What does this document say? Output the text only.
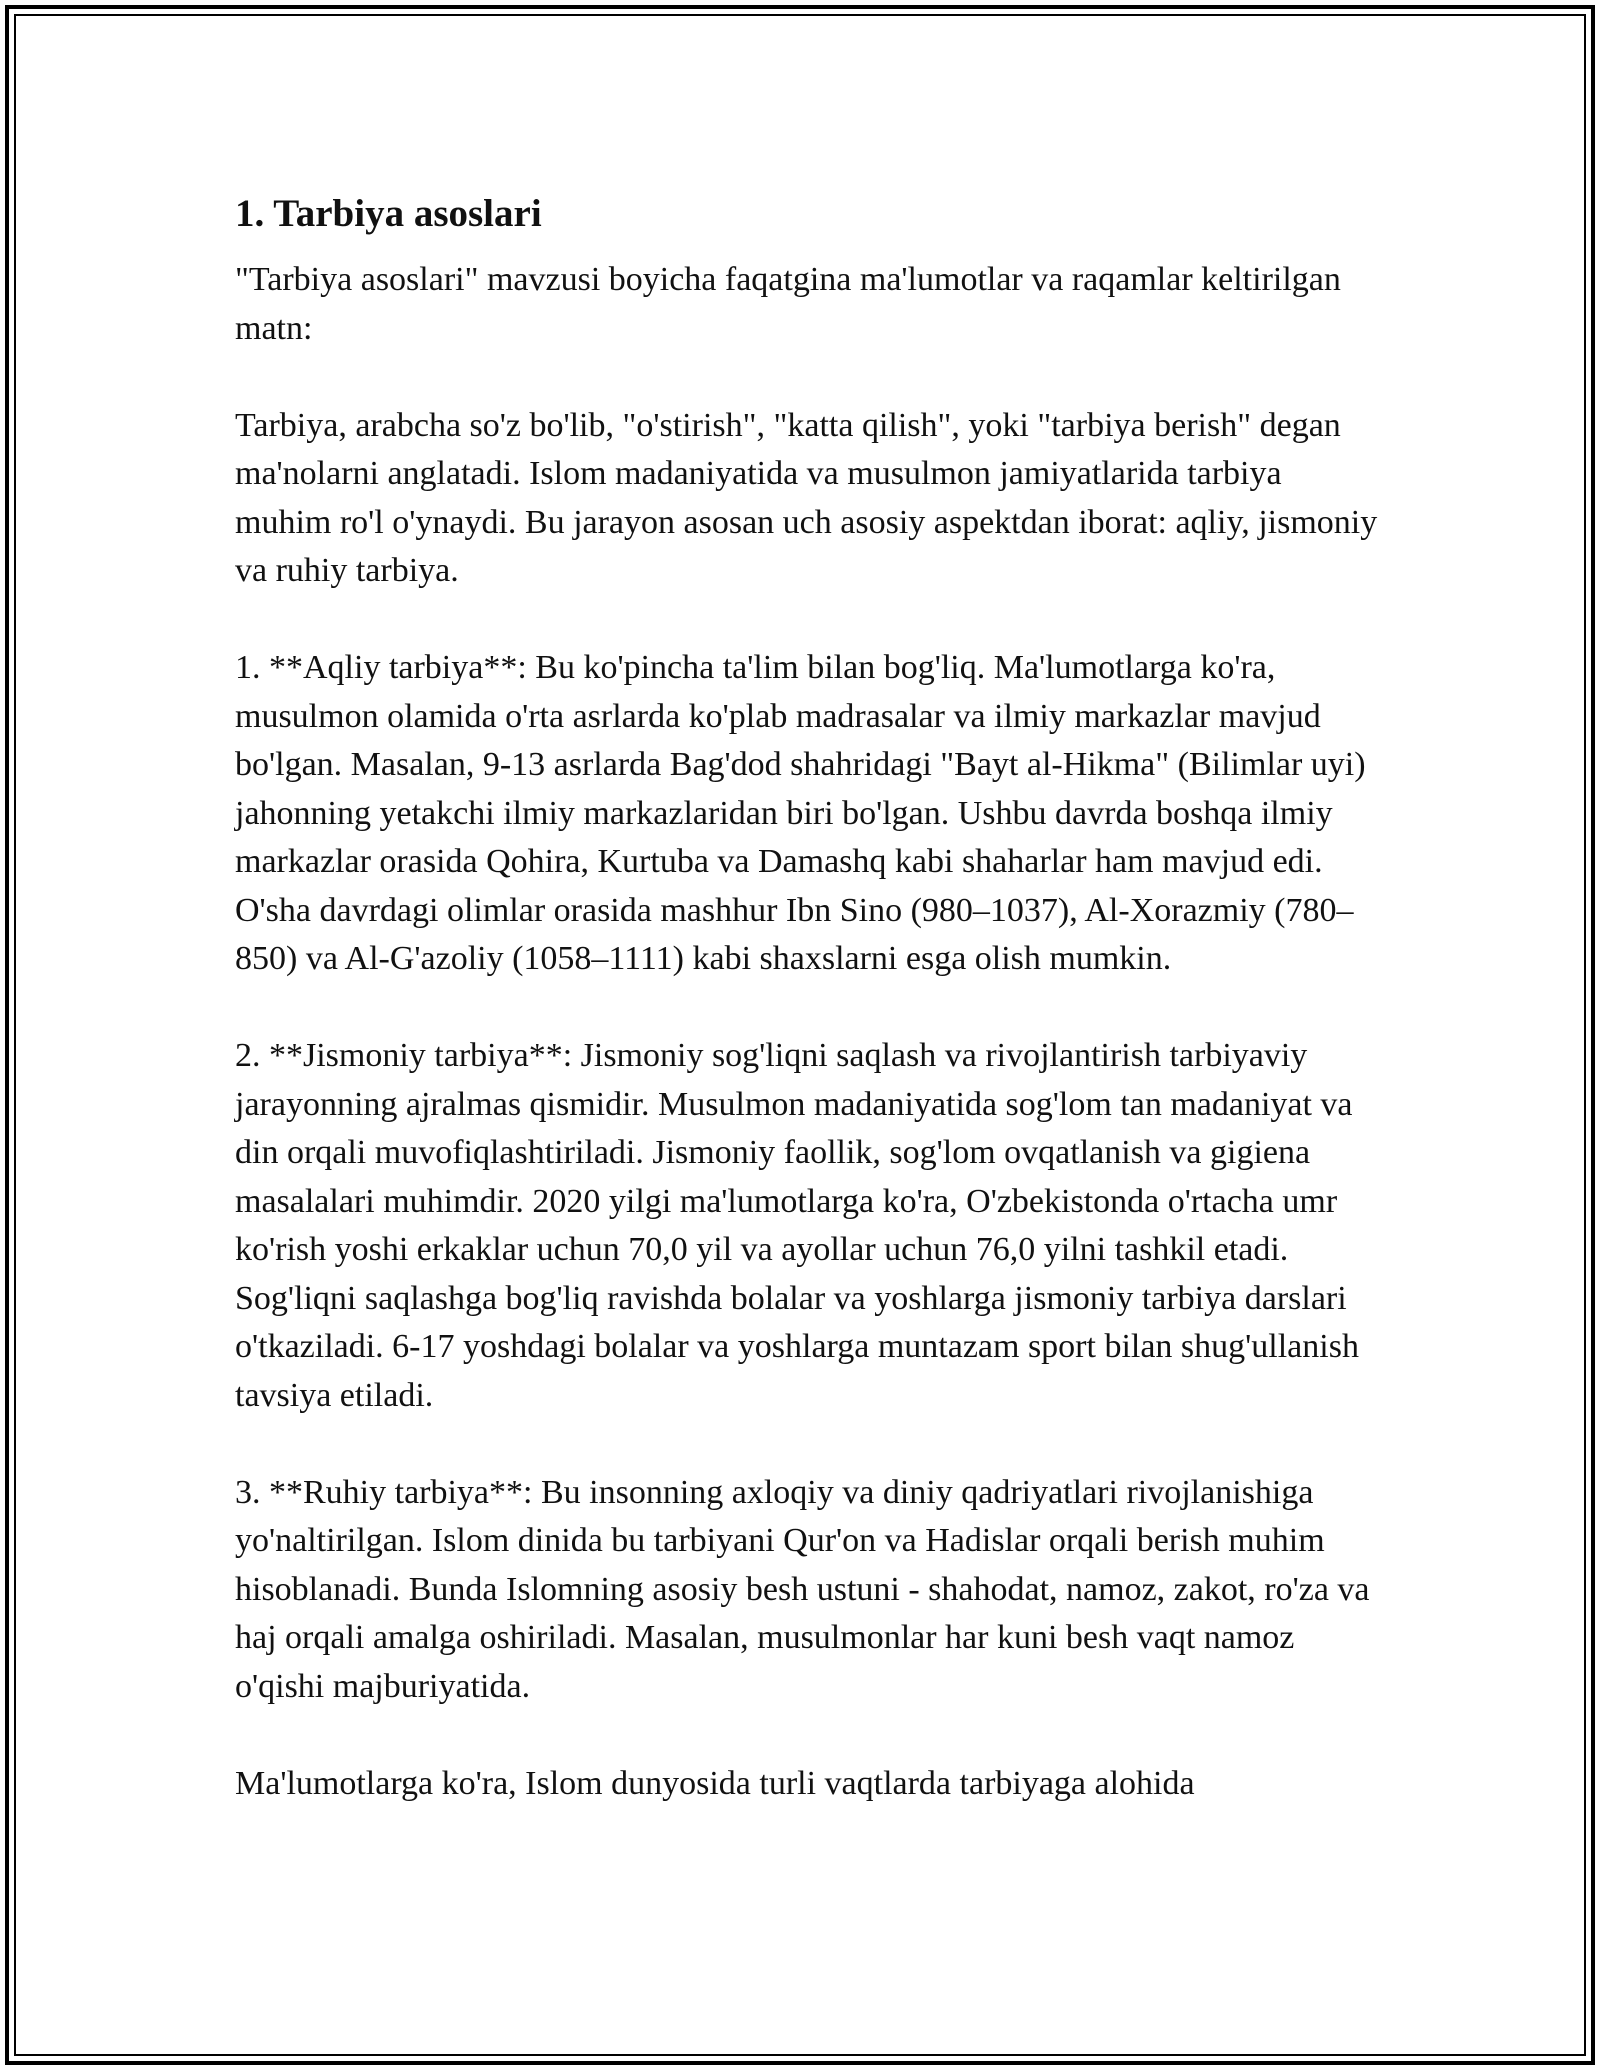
1. Tarbiya asoslari

"Tarbiya asoslari" mavzusi boyicha faqatgina ma'lumotlar va raqamlar keltirilgan matn:

Tarbiya, arabcha so'z bo'lib, "o'stirish", "katta qilish", yoki "tarbiya berish" degan ma'nolarni anglatadi. Islom madaniyatida va musulmon jamiyatlarida tarbiya muhim ro'l o'ynaydi. Bu jarayon asosan uch asosiy aspektdan iborat: aqliy, jismoniy va ruhiy tarbiya.

1. **Aqliy tarbiya**: Bu ko'pincha ta'lim bilan bog'liq. Ma'lumotlarga ko'ra, musulmon olamida o'rta asrlarda ko'plab madrasalar va ilmiy markazlar mavjud bo'lgan. Masalan, 9-13 asrlarda Bag'dod shahridagi "Bayt al-Hikma" (Bilimlar uyi) jahonning yetakchi ilmiy markazlaridan biri bo'lgan. Ushbu davrda boshqa ilmiy markazlar orasida Qohira, Kurtuba va Damashq kabi shaharlar ham mavjud edi. O'sha davrdagi olimlar orasida mashhur Ibn Sino (980–1037), Al-Xorazmiy (780–850) va Al-G'azoliy (1058–1111) kabi shaxslarni esga olish mumkin.

2. **Jismoniy tarbiya**: Jismoniy sog'liqni saqlash va rivojlantirish tarbiyaviy jarayonning ajralmas qismidir. Musulmon madaniyatida sog'lom tan madaniyat va din orqali muvofiqlashtiriladi. Jismoniy faollik, sog'lom ovqatlanish va gigiena masalalari muhimdir. 2020 yilgi ma'lumotlarga ko'ra, O'zbekistonda o'rtacha umr ko'rish yoshi erkaklar uchun 70,0 yil va ayollar uchun 76,0 yilni tashkil etadi. Sog'liqni saqlashga bog'liq ravishda bolalar va yoshlarga jismoniy tarbiya darslari o'tkaziladi. 6-17 yoshdagi bolalar va yoshlarga muntazam sport bilan shug'ullanish tavsiya etiladi.

3. **Ruhiy tarbiya**: Bu insonning axloqiy va diniy qadriyatlari rivojlanishiga yo'naltirilgan. Islom dinida bu tarbiyani Qur'on va Hadislar orqali berish muhim hisoblanadi. Bunda Islomning asosiy besh ustuni - shahodat, namoz, zakot, ro'za va haj orqali amalga oshiriladi. Masalan, musulmonlar har kuni besh vaqt namoz o'qishi majburiyatida.

Ma'lumotlarga ko'ra, Islom dunyosida turli vaqtlarda tarbiyaga alohida
